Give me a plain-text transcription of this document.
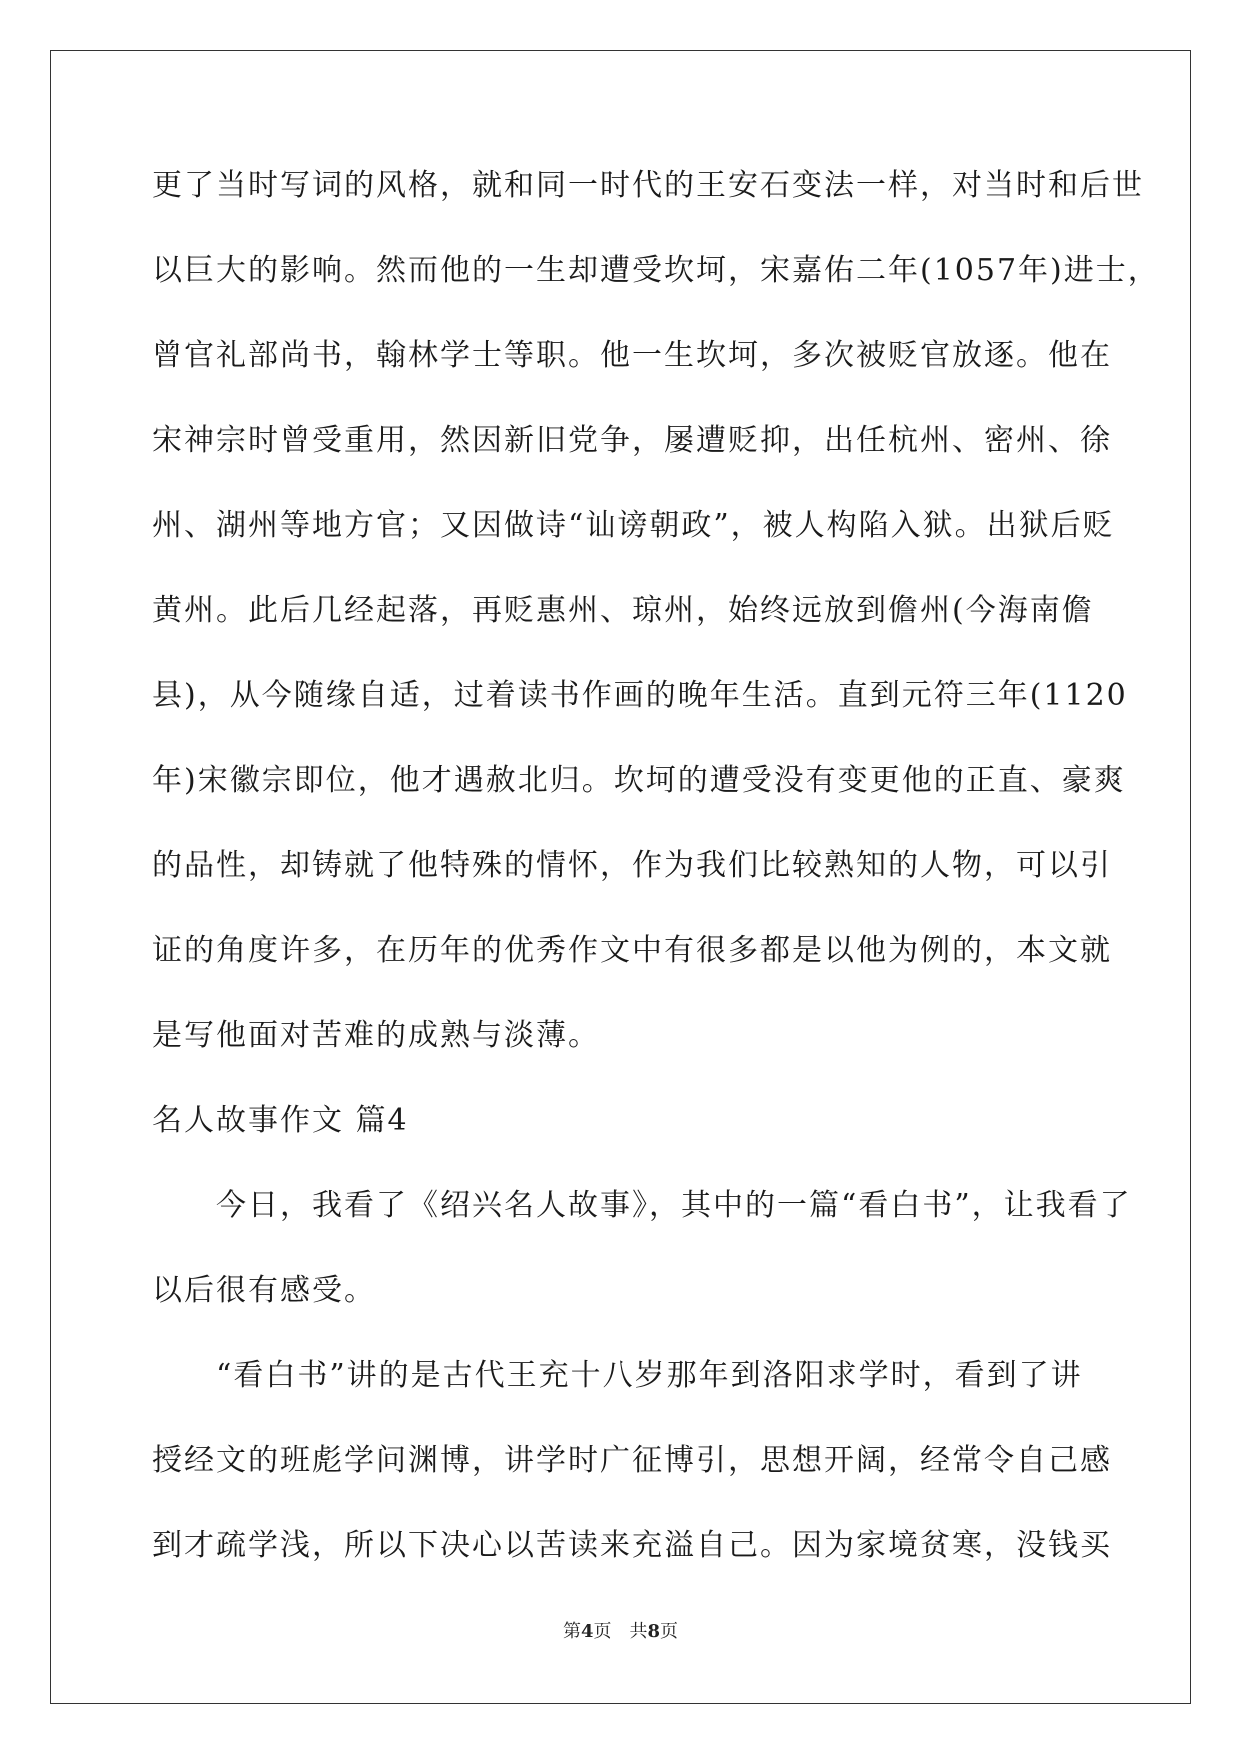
更了当时写词的风格，就和同一时代的王安石变法一样，对当时和后世
以巨大的影响。然而他的一生却遭受坎坷，宋嘉佑二年(1057年)进士，
曾官礼部尚书，翰林学士等职。他一生坎坷，多次被贬官放逐。他在
宋神宗时曾受重用，然因新旧党争，屡遭贬抑，出任杭州、密州、徐
州、湖州等地方官；又因做诗“讪谤朝政”，被人构陷入狱。出狱后贬
黄州。此后几经起落，再贬惠州、琼州，始终远放到儋州(今海南儋
县)，从今随缘自适，过着读书作画的晚年生活。直到元符三年(1120
年)宋徽宗即位，他才遇赦北归。坎坷的遭受没有变更他的正直、豪爽
的品性，却铸就了他特殊的情怀，作为我们比较熟知的人物，可以引
证的角度许多，在历年的优秀作文中有很多都是以他为例的，本文就
是写他面对苦难的成熟与淡薄。
名人故事作文 篇4
　　今日，我看了《绍兴名人故事》，其中的一篇“看白书”，让我看了
以后很有感受。
　　“看白书”讲的是古代王充十八岁那年到洛阳求学时，看到了讲
授经文的班彪学问渊博，讲学时广征博引，思想开阔，经常令自己感
到才疏学浅，所以下决心以苦读来充溢自己。因为家境贫寒，没钱买
第4页　共8页
